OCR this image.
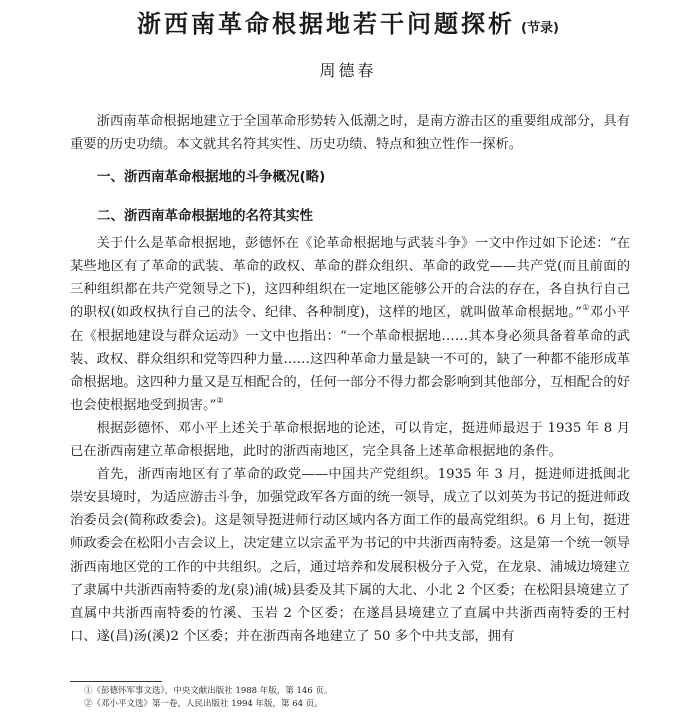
浙西南革命根据地若干问题探析 (节录)
周德春

浙西南革命根据地建立于全国革命形势转入低潮之时，是南方游击区的重要组成部分，具有重要的历史功绩。本文就其名符其实性、历史功绩、特点和独立性作一探析。

一、浙西南革命根据地的斗争概况(略)

二、浙西南革命根据地的名符其实性

关于什么是革命根据地，彭德怀在《论革命根据地与武装斗争》一文中作过如下论述：“在某些地区有了革命的武装、革命的政权、革命的群众组织、革命的政党——共产党(而且前面的三种组织都在共产党领导之下)，这四种组织在一定地区能够公开的合法的存在，各自执行自己的职权(如政权执行自己的法令、纪律、各种制度)，这样的地区，就叫做革命根据地。”①邓小平在《根据地建设与群众运动》一文中也指出：“一个革命根据地……其本身必须具备着革命的武装、政权、群众组织和党等四种力量……这四种革命力量是缺一不可的，缺了一种都不能形成革命根据地。这四种力量又是互相配合的，任何一部分不得力都会影响到其他部分，互相配合的好也会使根据地受到损害。”②

根据彭德怀、邓小平上述关于革命根据地的论述，可以肯定，挺进师最迟于 1935 年 8 月已在浙西南建立革命根据地，此时的浙西南地区，完全具备上述革命根据地的条件。

首先，浙西南地区有了革命的政党——中国共产党组织。1935 年 3 月，挺进师进抵闽北崇安县境时，为适应游击斗争，加强党政军各方面的统一领导，成立了以刘英为书记的挺进师政治委员会(简称政委会)。这是领导挺进师行动区域内各方面工作的最高党组织。6 月上旬，挺进师政委会在松阳小吉会议上，决定建立以宗孟平为书记的中共浙西南特委。这是第一个统一领导浙西南地区党的工作的中共组织。之后，通过培养和发展积极分子入党，在龙泉、浦城边境建立了隶属中共浙西南特委的龙(泉)浦(城)县委及其下属的大北、小北 2 个区委；在松阳县境建立了直属中共浙西南特委的竹溪、玉岩 2 个区委；在遂昌县境建立了直属中共浙西南特委的王村口、遂(昌)汤(溪)2 个区委；并在浙西南各地建立了 50 多个中共支部，拥有

①《彭德怀军事文选》，中央文献出版社 1988 年版，第 146 页。
②《邓小平文选》第一卷，人民出版社 1994 年版，第 64 页。
